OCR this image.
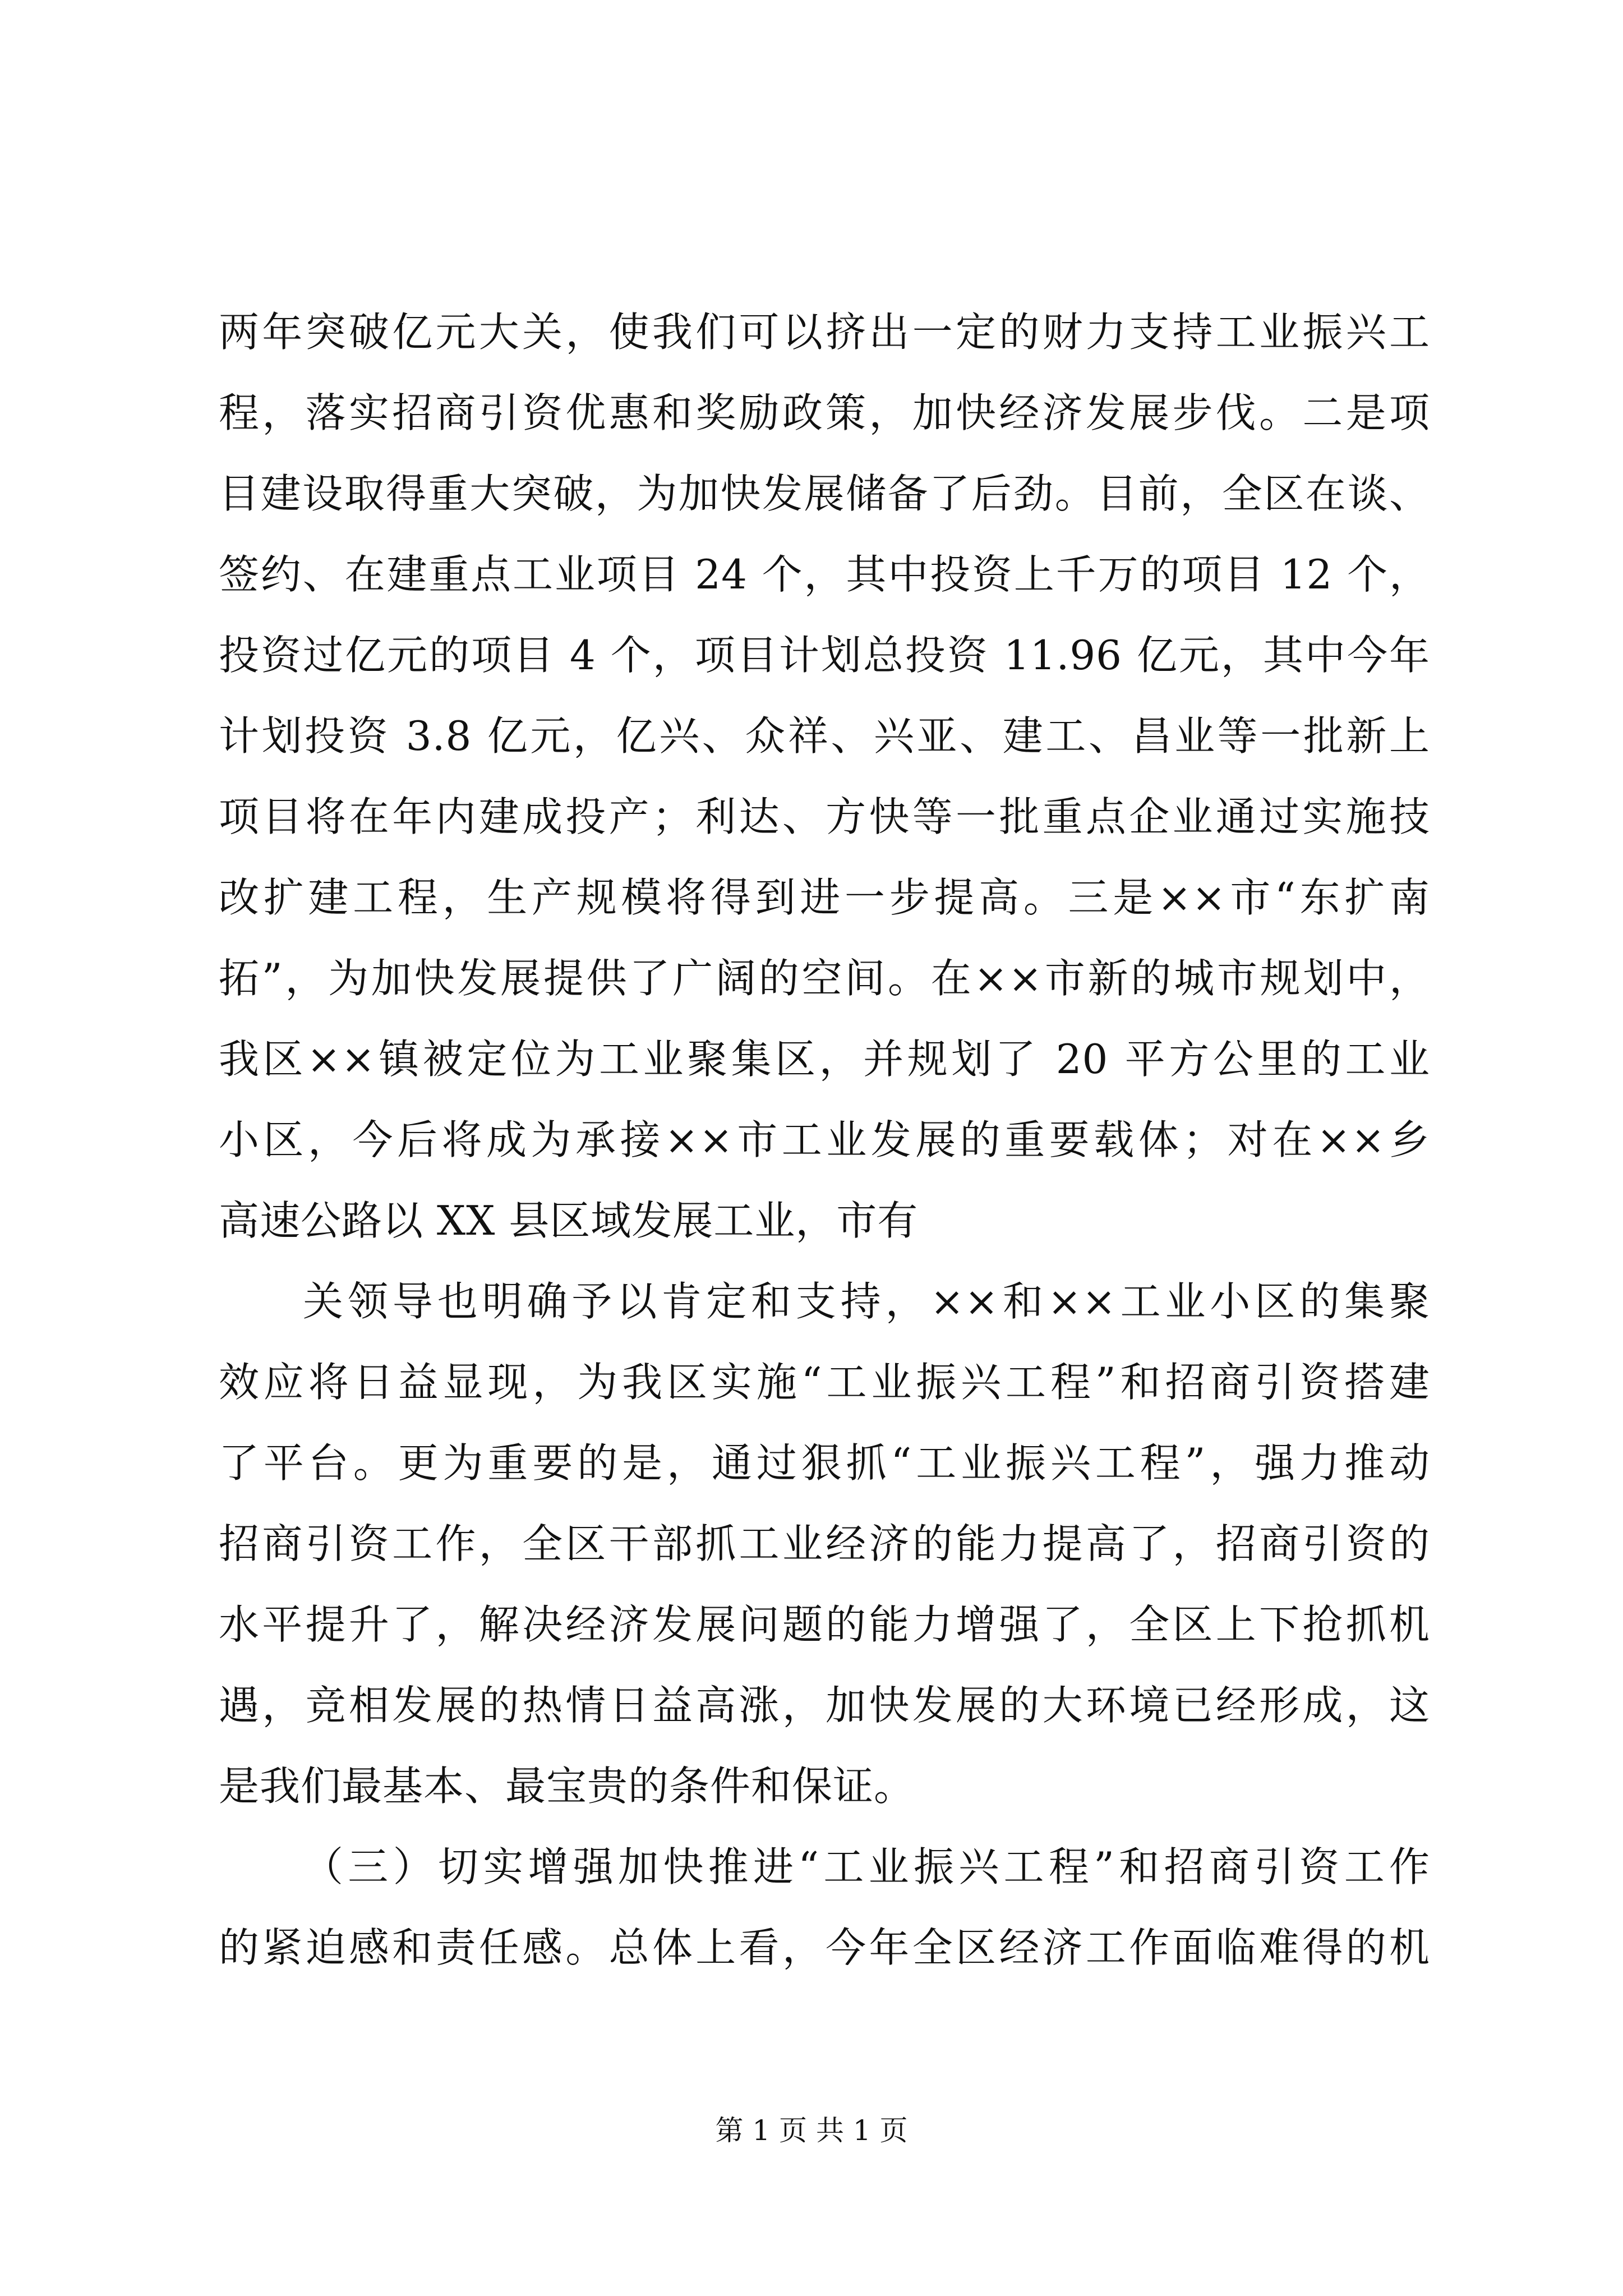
两年突破亿元大关，使我们可以挤出一定的财力支持工业振兴工
程，落实招商引资优惠和奖励政策，加快经济发展步伐。二是项
目建设取得重大突破，为加快发展储备了后劲。目前，全区在谈、
签约、在建重点工业项目 24 个，其中投资上千万的项目 12 个，
投资过亿元的项目 4 个，项目计划总投资 11.96 亿元，其中今年
计划投资 3.8 亿元，亿兴、众祥、兴亚、建工、昌业等一批新上
项目将在年内建成投产；利达、方快等一批重点企业通过实施技
改扩建工程，生产规模将得到进一步提高。三是××市“东扩南
拓”，为加快发展提供了广阔的空间。在××市新的城市规划中，
我区××镇被定位为工业聚集区，并规划了 20 平方公里的工业
小区，今后将成为承接××市工业发展的重要载体；对在××乡
高速公路以 XX 县区域发展工业，市有
关领导也明确予以肯定和支持，××和××工业小区的集聚
效应将日益显现，为我区实施“工业振兴工程”和招商引资搭建
了平台。更为重要的是，通过狠抓“工业振兴工程”，强力推动
招商引资工作，全区干部抓工业经济的能力提高了，招商引资的
水平提升了，解决经济发展问题的能力增强了，全区上下抢抓机
遇，竞相发展的热情日益高涨，加快发展的大环境已经形成，这
是我们最基本、最宝贵的条件和保证。
（三）切实增强加快推进“工业振兴工程”和招商引资工作
的紧迫感和责任感。总体上看，今年全区经济工作面临难得的机
第 1 页 共 1 页
